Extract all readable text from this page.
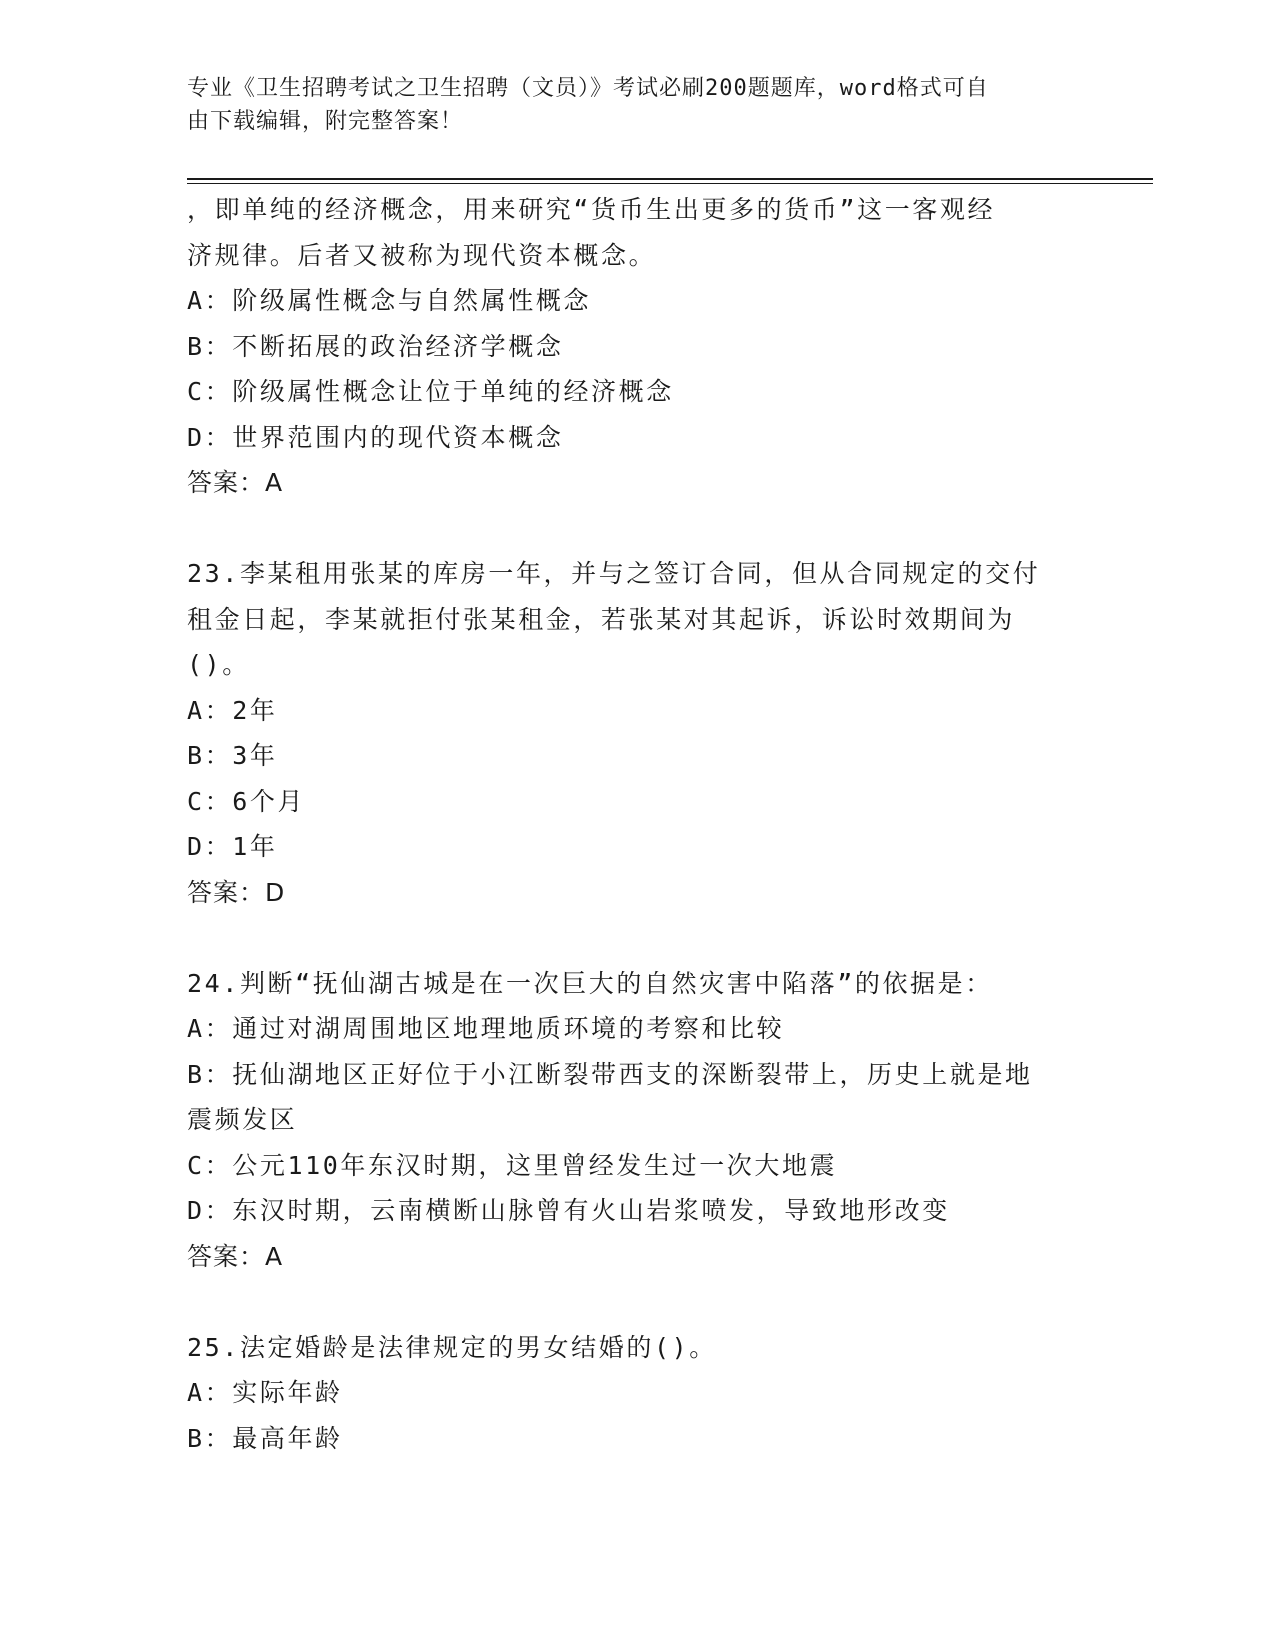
专业《卫生招聘考试之卫生招聘（文员）》考试必刷200题题库，word格式可自
由下载编辑，附完整答案！
，即单纯的经济概念，用来研究“货币生出更多的货币”这一客观经
济规律。后者又被称为现代资本概念。
A：阶级属性概念与自然属性概念
B：不断拓展的政治经济学概念
C：阶级属性概念让位于单纯的经济概念
D：世界范围内的现代资本概念
答案：A
23.李某租用张某的库房一年，并与之签订合同，但从合同规定的交付
租金日起，李某就拒付张某租金，若张某对其起诉，诉讼时效期间为
()。
A：2年
B：3年
C：6个月
D：1年
答案：D
24.判断“抚仙湖古城是在一次巨大的自然灾害中陷落”的依据是：
A：通过对湖周围地区地理地质环境的考察和比较
B：抚仙湖地区正好位于小江断裂带西支的深断裂带上，历史上就是地
震频发区
C：公元110年东汉时期，这里曾经发生过一次大地震
D：东汉时期，云南横断山脉曾有火山岩浆喷发，导致地形改变
答案：A
25.法定婚龄是法律规定的男女结婚的()。
A：实际年龄
B：最高年龄
